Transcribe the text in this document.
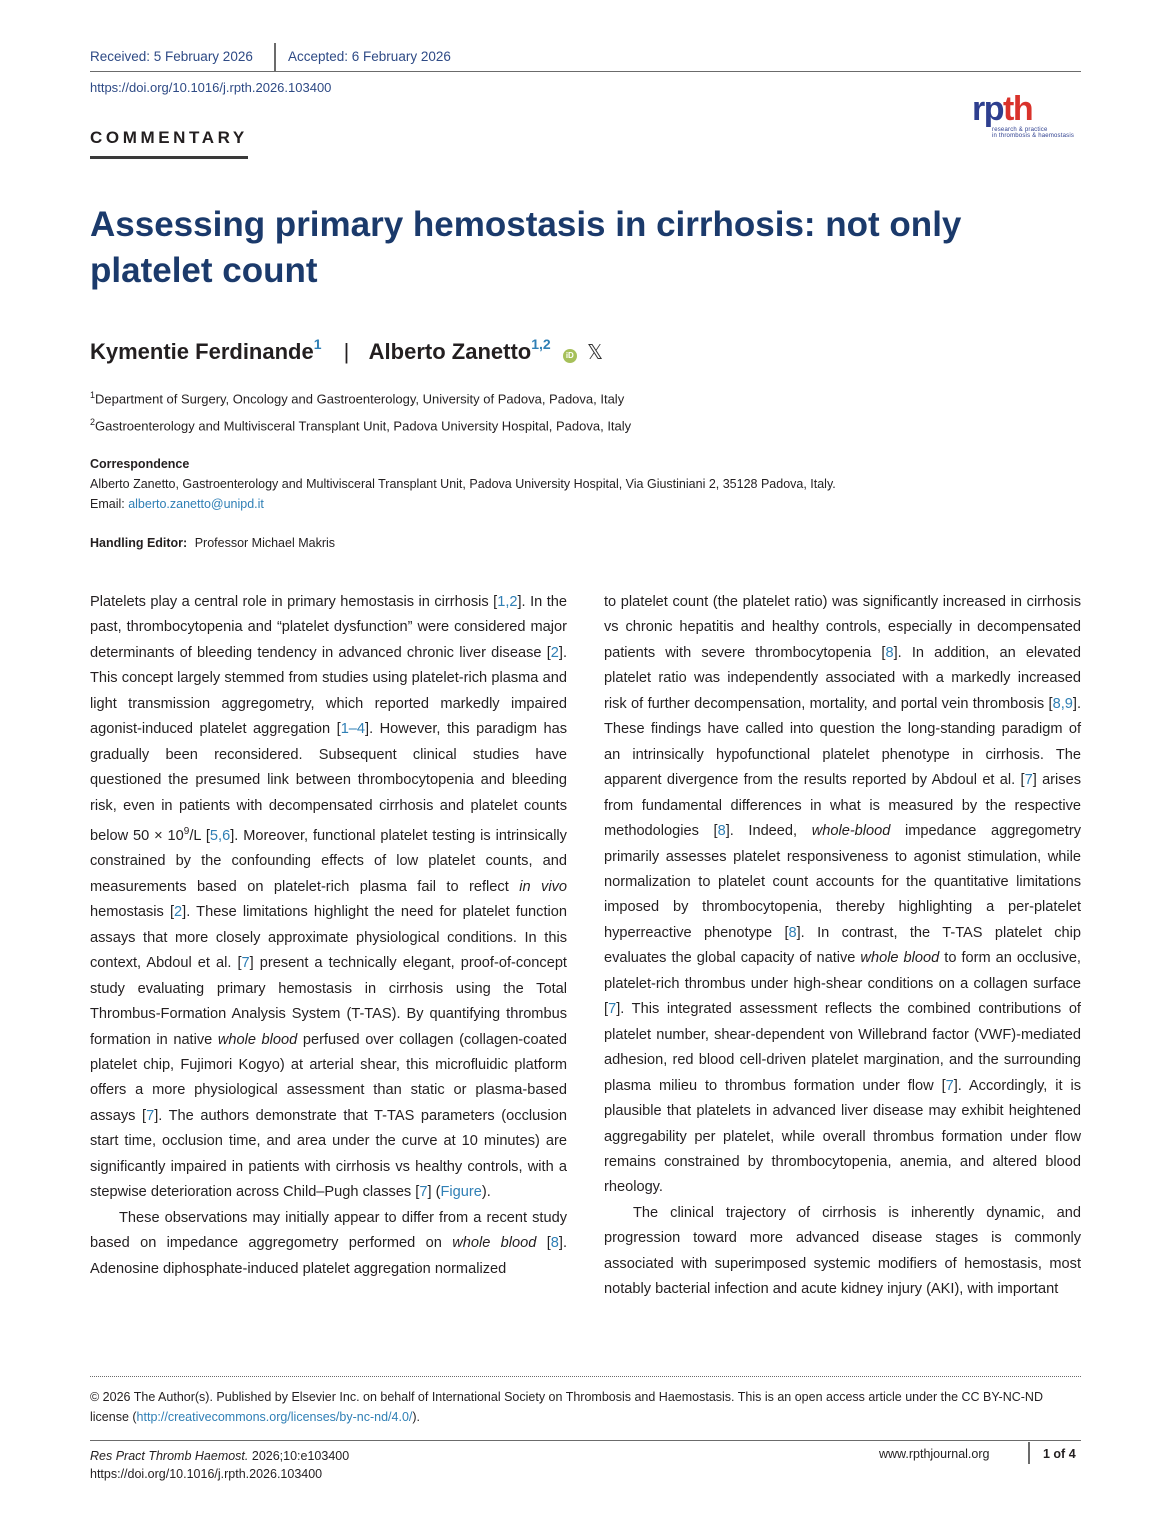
Received: 5 February 2026	Accepted: 6 February 2026
https://doi.org/10.1016/j.rpth.2026.103400
COMMENTARY
rpth
research & practice
in thrombosis & haemostasis
Assessing primary hemostasis in cirrhosis: not only platelet count
Kymentie Ferdinande$^1$ | Alberto Zanetto$^{1,2}$ iD 𝕏
$^1$Department of Surgery, Oncology and Gastroenterology, University of Padova, Padova, Italy
$^2$Gastroenterology and Multivisceral Transplant Unit, Padova University Hospital, Padova, Italy
Correspondence
Alberto Zanetto, Gastroenterology and Multivisceral Transplant Unit, Padova University Hospital, Via Giustiniani 2, 35128 Padova, Italy.
Email: alberto.zanetto@unipd.it
Handling Editor: Professor Michael Makris

Platelets play a central role in primary hemostasis in cirrhosis [1,2]. In the past, thrombocytopenia and “platelet dysfunction” were considered major determinants of bleeding tendency in advanced chronic liver disease [2]. This concept largely stemmed from studies using platelet-rich plasma and light transmission aggregometry, which reported markedly impaired agonist-induced platelet aggregation [1–4]. However, this paradigm has gradually been reconsidered. Subsequent clinical studies have questioned the presumed link between thrombocytopenia and bleeding risk, even in patients with decompensated cirrhosis and platelet counts below $50 \times 10^9/L$ [5,6]. Moreover, functional platelet testing is intrinsically constrained by the confounding effects of low platelet counts, and measurements based on platelet-rich plasma fail to reflect in vivo hemostasis [2]. These limitations highlight the need for platelet function assays that more closely approximate physiological conditions. In this context, Abdoul et al. [7] present a technically elegant, proof-of-concept study evaluating primary hemostasis in cirrhosis using the Total Thrombus-Formation Analysis System (T-TAS). By quantifying thrombus formation in native whole blood perfused over collagen (collagen-coated platelet chip, Fujimori Kogyo) at arterial shear, this microfluidic platform offers a more physiological assessment than static or plasma-based assays [7]. The authors demonstrate that T-TAS parameters (occlusion start time, occlusion time, and area under the curve at 10 minutes) are significantly impaired in patients with cirrhosis vs healthy controls, with a stepwise deterioration across Child–Pugh classes [7] (Figure).

These observations may initially appear to differ from a recent study based on impedance aggregometry performed on whole blood [8]. Adenosine diphosphate-induced platelet aggregation normalized

to platelet count (the platelet ratio) was significantly increased in cirrhosis vs chronic hepatitis and healthy controls, especially in decompensated patients with severe thrombocytopenia [8]. In addition, an elevated platelet ratio was independently associated with a markedly increased risk of further decompensation, mortality, and portal vein thrombosis [8,9]. These findings have called into question the long-standing paradigm of an intrinsically hypofunctional platelet phenotype in cirrhosis. The apparent divergence from the results reported by Abdoul et al. [7] arises from fundamental differences in what is measured by the respective methodologies [8]. Indeed, whole-blood impedance aggregometry primarily assesses platelet responsiveness to agonist stimulation, while normalization to platelet count accounts for the quantitative limitations imposed by thrombocytopenia, thereby highlighting a per-platelet hyperreactive phenotype [8]. In contrast, the T-TAS platelet chip evaluates the global capacity of native whole blood to form an occlusive, platelet-rich thrombus under high-shear conditions on a collagen surface [7]. This integrated assessment reflects the combined contributions of platelet number, shear-dependent von Willebrand factor (VWF)-mediated adhesion, red blood cell-driven platelet margination, and the surrounding plasma milieu to thrombus formation under flow [7]. Accordingly, it is plausible that platelets in advanced liver disease may exhibit heightened aggregability per platelet, while overall thrombus formation under flow remains constrained by thrombocytopenia, anemia, and altered blood rheology.

The clinical trajectory of cirrhosis is inherently dynamic, and progression toward more advanced disease stages is commonly associated with superimposed systemic modifiers of hemostasis, most notably bacterial infection and acute kidney injury (AKI), with important

© 2026 The Author(s). Published by Elsevier Inc. on behalf of International Society on Thrombosis and Haemostasis. This is an open access article under the CC BY-NC-ND license (http://creativecommons.org/licenses/by-nc-nd/4.0/).
Res Pract Thromb Haemost. 2026;10:e103400
https://doi.org/10.1016/j.rpth.2026.103400
www.rpthjournal.org	1 of 4
